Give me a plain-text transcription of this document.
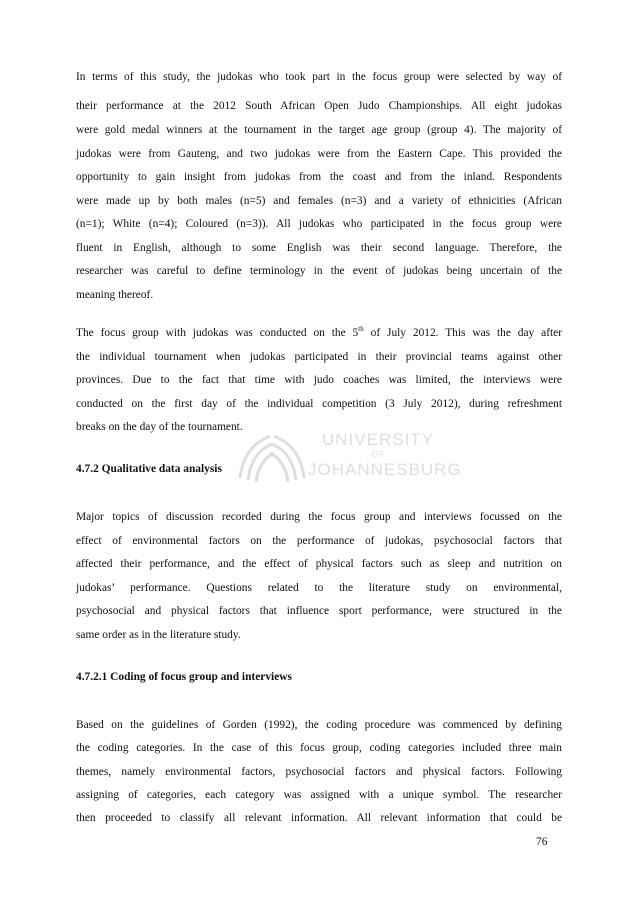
UNIVERSITY
OF
JOHANNESBURG
In terms of this study, the judokas who took part in the focus group were selected by way of
their performance at the 2012 South African Open Judo Championships. All eight judokas
were gold medal winners at the tournament in the target age group (group 4). The majority of
judokas were from Gauteng, and two judokas were from the Eastern Cape. This provided the
opportunity to gain insight from judokas from the coast and from the inland. Respondents
were made up by both males (n=5) and females (n=3) and a variety of ethnicities (African
(n=1); White (n=4); Coloured (n=3)). All judokas who participated in the focus group were
fluent in English, although to some English was their second language. Therefore, the
researcher was careful to define terminology in the event of judokas being uncertain of the
meaning thereof.
The focus group with judokas was conducted on the 5th of July 2012. This was the day after
the individual tournament when judokas participated in their provincial teams against other
provinces. Due to the fact that time with judo coaches was limited, the interviews were
conducted on the first day of the individual competition (3 July 2012), during refreshment
breaks on the day of the tournament.
4.7.2 Qualitative data analysis
Major topics of discussion recorded during the focus group and interviews focussed on the
effect of environmental factors on the performance of judokas, psychosocial factors that
affected their performance, and the effect of physical factors such as sleep and nutrition on
judokas’ performance. Questions related to the literature study on environmental,
psychosocial and physical factors that influence sport performance, were structured in the
same order as in the literature study.
4.7.2.1 Coding of focus group and interviews
Based on the guidelines of Gorden (1992), the coding procedure was commenced by defining
the coding categories. In the case of this focus group, coding categories included three main
themes, namely environmental factors, psychosocial factors and physical factors. Following
assigning of categories, each category was assigned with a unique symbol. The researcher
then proceeded to classify all relevant information. All relevant information that could be
76
